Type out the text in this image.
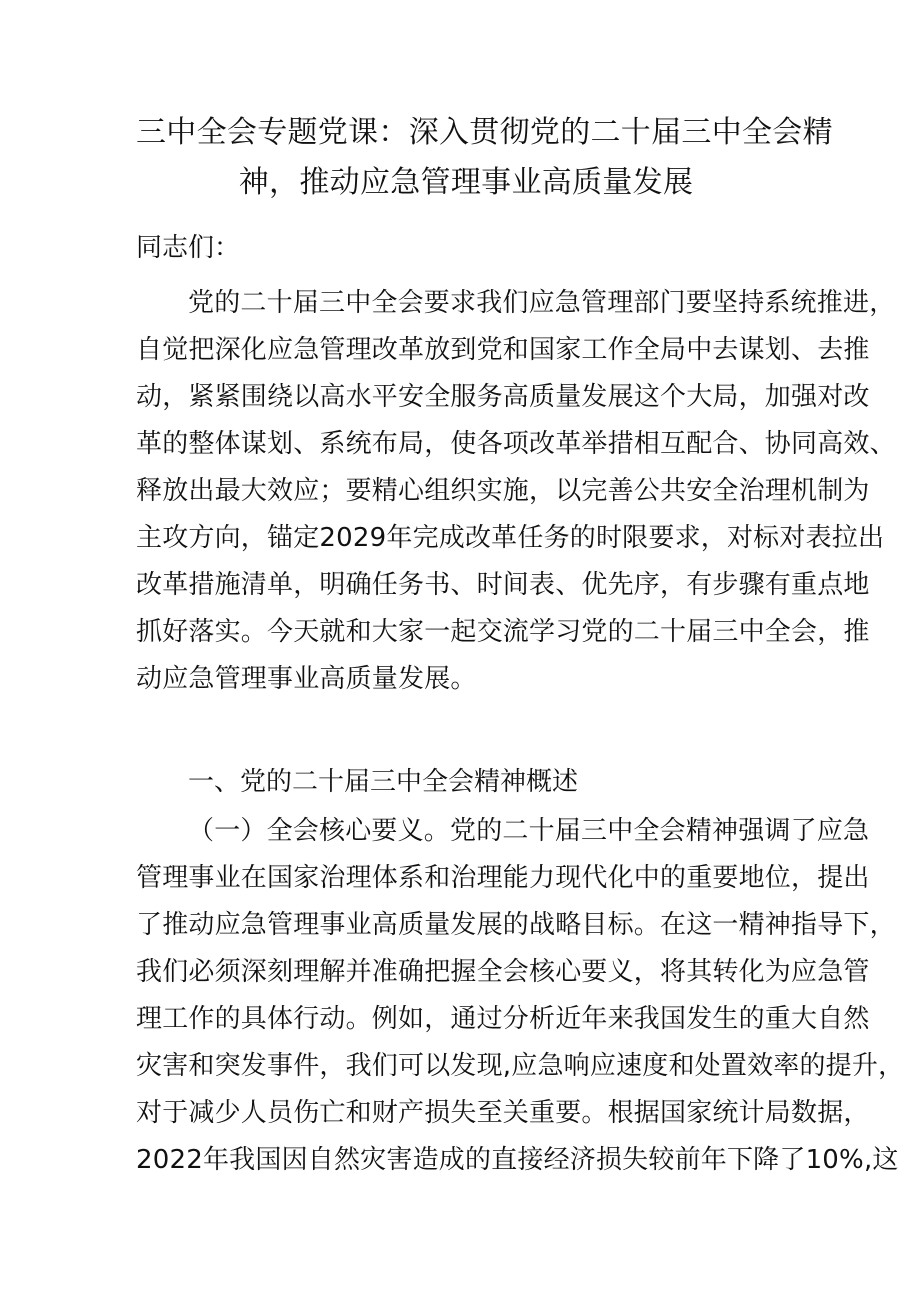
三中全会专题党课：深入贯彻党的二十届三中全会精
神，推动应急管理事业高质量发展

同志们：

党的二十届三中全会要求我们应急管理部门要坚持系统推进，
自觉把深化应急管理改革放到党和国家工作全局中去谋划、去推
动，紧紧围绕以高水平安全服务高质量发展这个大局，加强对改
革的整体谋划、系统布局，使各项改革举措相互配合、协同高效、
释放出最大效应；要精心组织实施，以完善公共安全治理机制为
主攻方向，锚定2029年完成改革任务的时限要求，对标对表拉出
改革措施清单，明确任务书、时间表、优先序，有步骤有重点地
抓好落实。今天就和大家一起交流学习党的二十届三中全会，推
动应急管理事业高质量发展。
一、党的二十届三中全会精神概述
（一）全会核心要义。党的二十届三中全会精神强调了应急
管理事业在国家治理体系和治理能力现代化中的重要地位，提出
了推动应急管理事业高质量发展的战略目标。在这一精神指导下，
我们必须深刻理解并准确把握全会核心要义，将其转化为应急管
理工作的具体行动。例如，通过分析近年来我国发生的重大自然
灾害和突发事件，我们可以发现,应急响应速度和处置效率的提升，
对于减少人员伤亡和财产损失至关重要。根据国家统计局数据，
2022年我国因自然灾害造成的直接经济损失较前年下降了10%,这
